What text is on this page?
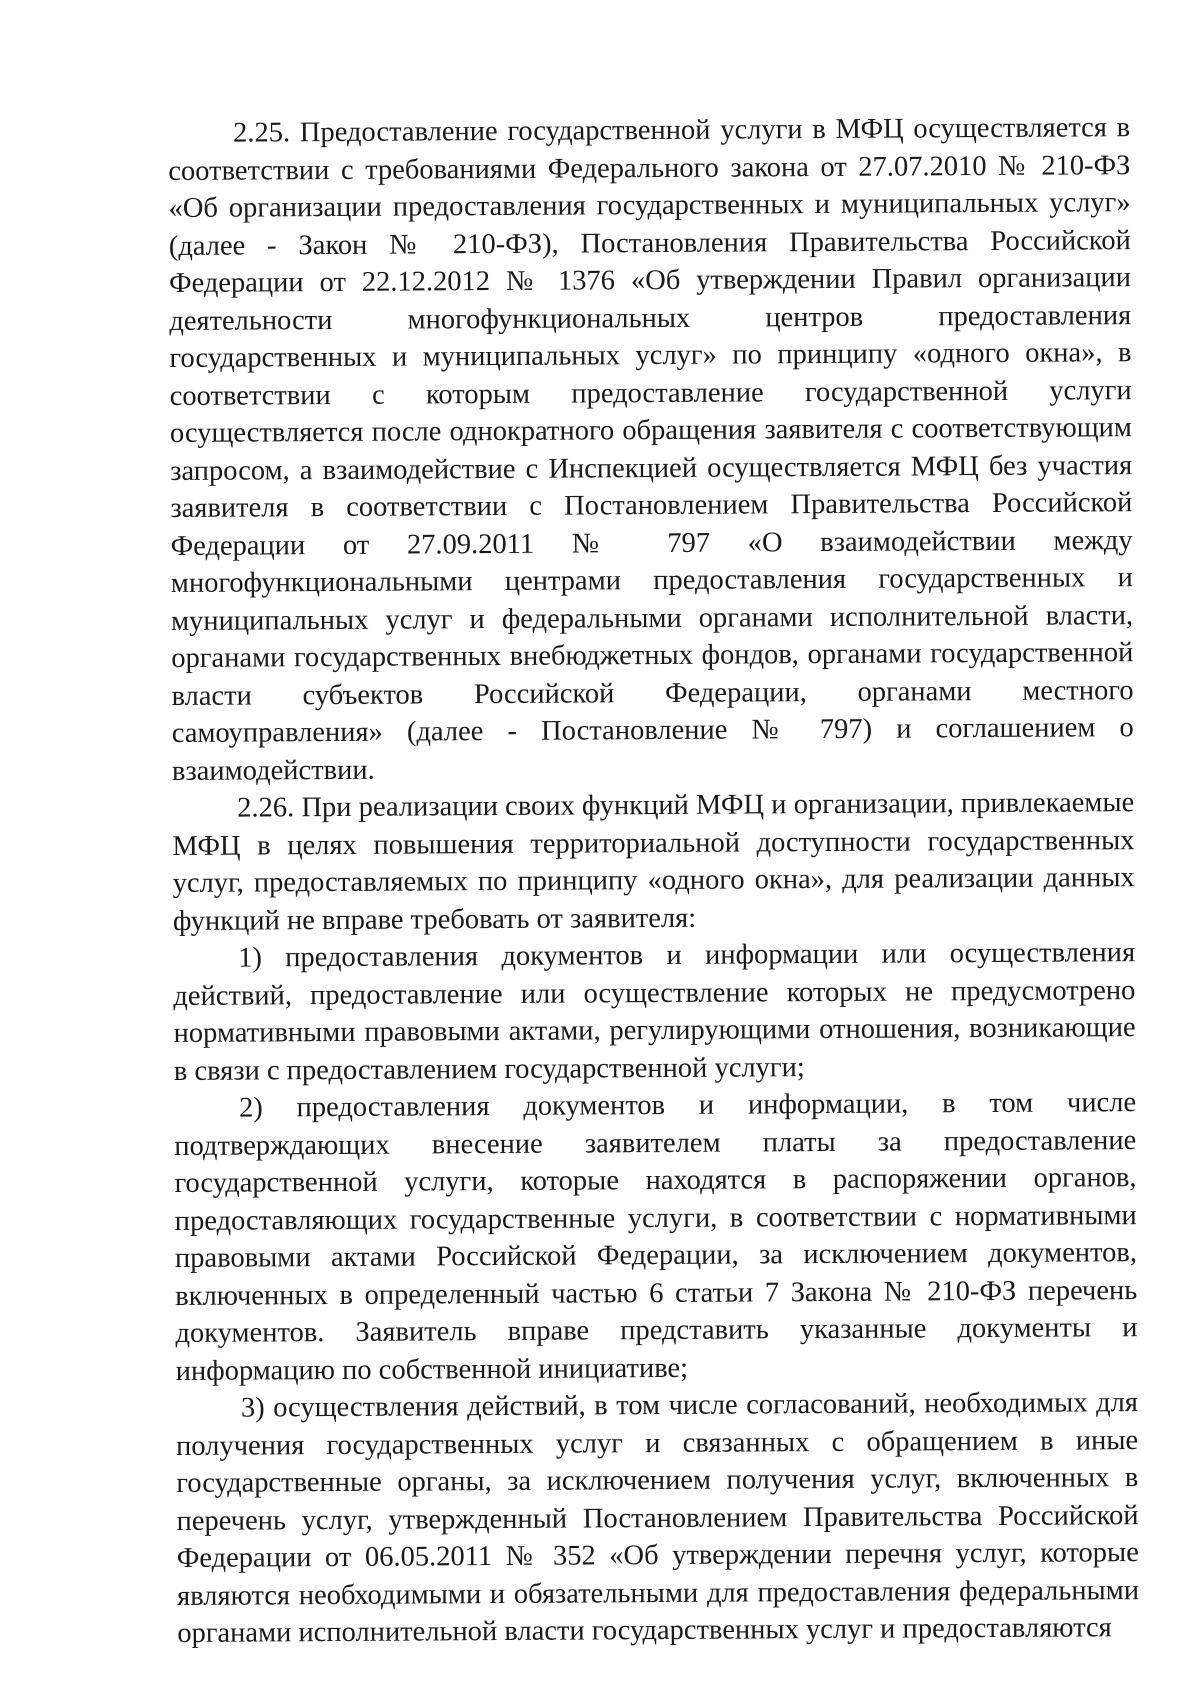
2.25. Предоставление государственной услуги в МФЦ осуществляется в соответствии с требованиями Федерального закона от 27.07.2010 № 210-ФЗ «Об организации предоставления государственных и муниципальных услуг» (далее - Закон № 210-ФЗ), Постановления Правительства Российской Федерации от 22.12.2012 № 1376 «Об утверждении Правил организации деятельности многофункциональных центров предоставления государственных и муниципальных услуг» по принципу «одного окна», в соответствии с которым предоставление государственной услуги осуществляется после однократного обращения заявителя с соответствующим запросом, а взаимодействие с Инспекцией осуществляется МФЦ без участия заявителя в соответствии с Постановлением Правительства Российской Федерации от 27.09.2011 № 797 «О взаимодействии между многофункциональными центрами предоставления государственных и муниципальных услуг и федеральными органами исполнительной власти, органами государственных внебюджетных фондов, органами государственной власти субъектов Российской Федерации, органами местного самоуправления» (далее - Постановление № 797) и соглашением о взаимодействии.

2.26. При реализации своих функций МФЦ и организации, привлекаемые МФЦ в целях повышения территориальной доступности государственных услуг, предоставляемых по принципу «одного окна», для реализации данных функций не вправе требовать от заявителя:

1) предоставления документов и информации или осуществления действий, предоставление или осуществление которых не предусмотрено нормативными правовыми актами, регулирующими отношения, возникающие в связи с предоставлением государственной услуги;

2) предоставления документов и информации, в том числе подтверждающих внесение заявителем платы за предоставление государственной услуги, которые находятся в распоряжении органов, предоставляющих государственные услуги, в соответствии с нормативными правовыми актами Российской Федерации, за исключением документов, включенных в определенный частью 6 статьи 7 Закона № 210-ФЗ перечень документов. Заявитель вправе представить указанные документы и информацию по собственной инициативе;

3) осуществления действий, в том числе согласований, необходимых для получения государственных услуг и связанных с обращением в иные государственные органы, за исключением получения услуг, включенных в перечень услуг, утвержденный Постановлением Правительства Российской Федерации от 06.05.2011 № 352 «Об утверждении перечня услуг, которые являются необходимыми и обязательными для предоставления федеральными органами исполнительной власти государственных услуг и предоставляются
